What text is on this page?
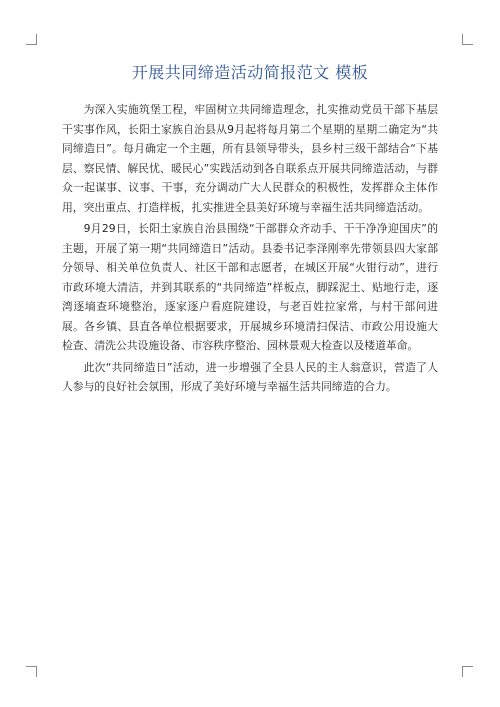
开展共同缔造活动简报范文 模板

为深入实施筑堡工程，牢固树立共同缔造理念，扎实推动党员干部下基层干实事作风，长阳土家族自治县从9月起将每月第二个星期的星期二确定为“共同缔造日”。每月确定一个主题，所有县领导带头，县乡村三级干部结合“下基层、察民情、解民忧、暖民心”实践活动到各自联系点开展共同缔造活动，与群众一起谋事、议事、干事，充分调动广大人民群众的积极性，发挥群众主体作用，突出重点、打造样板，扎实推进全县美好环境与幸福生活共同缔造活动。

9月29日，长阳土家族自治县围绕“干部群众齐动手、干干净净迎国庆”的主题，开展了第一期“共同缔造日”活动。县委书记李泽刚率先带领县四大家部分领导、相关单位负责人、社区干部和志愿者，在城区开展“火钳行动”，进行市政环境大清洁，并到其联系的“共同缔造”样板点，脚踩泥土、贴地行走，逐湾逐墒查环境整治，逐家逐户看庭院建设，与老百姓拉家常，与村干部问进展。各乡镇、县直各单位根据要求，开展城乡环境清扫保洁、市政公用设施大检查、清洗公共设施设备、市容秩序整治、园林景观大检查以及楼道革命。

此次“共同缔造日”活动，进一步增强了全县人民的主人翁意识，营造了人人参与的良好社会氛围，形成了美好环境与幸福生活共同缔造的合力。
